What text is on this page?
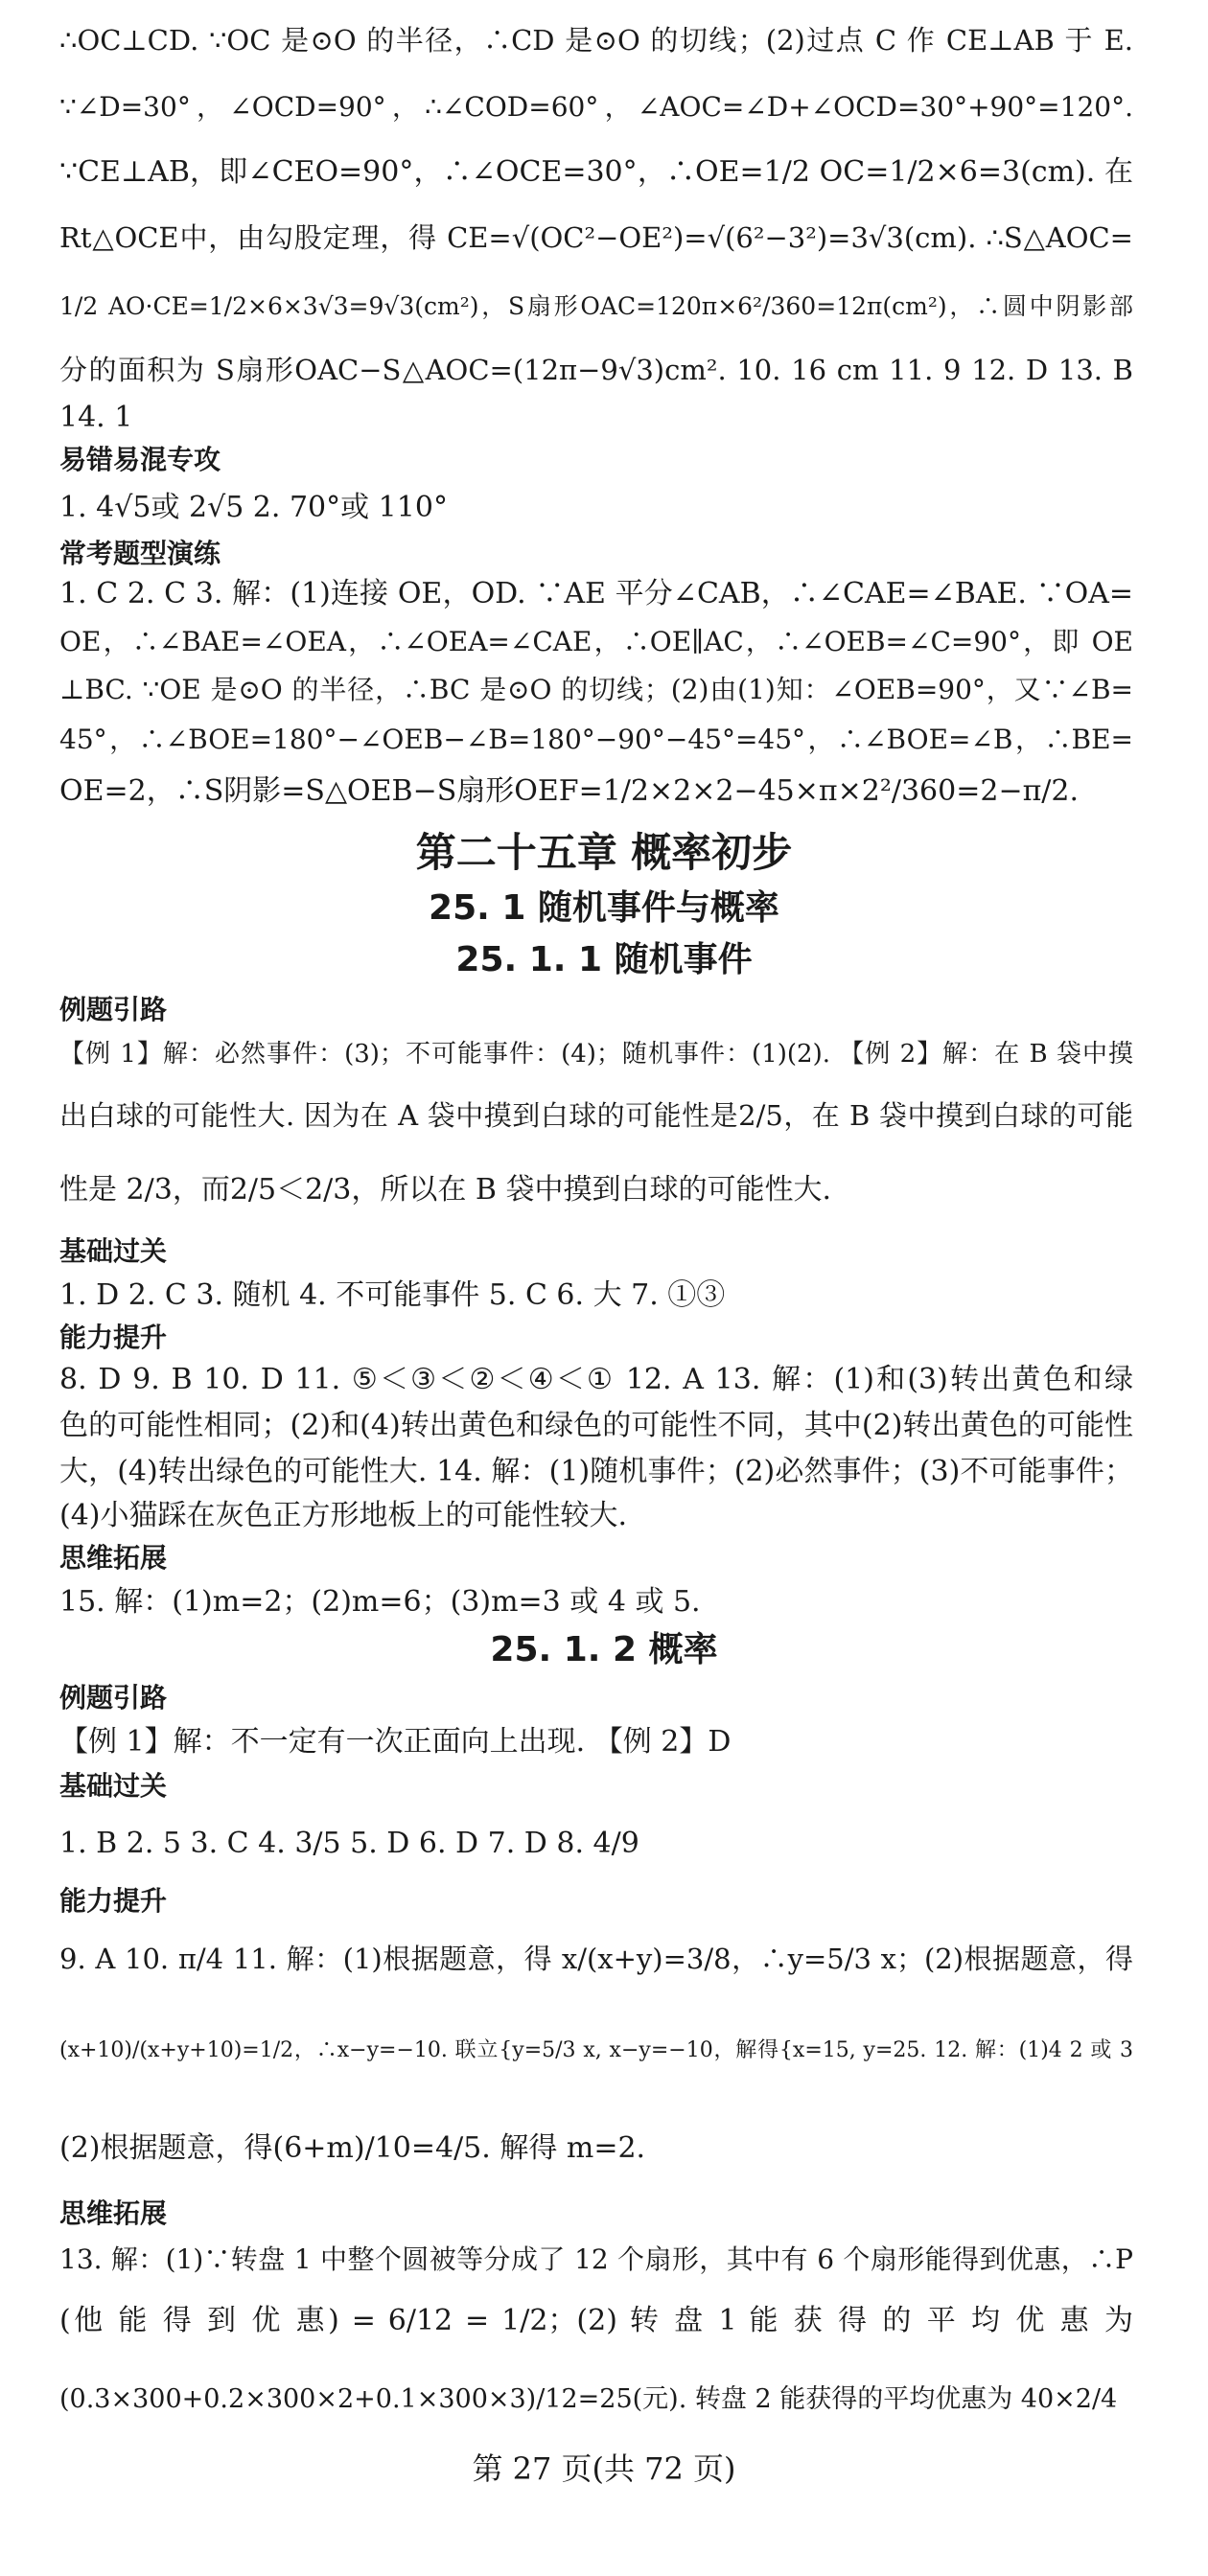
∴OC⊥CD. ∵OC 是⊙O 的半径，∴CD 是⊙O 的切线；(2)过点 C 作 CE⊥AB 于 E.
∵∠D=30°，∠OCD=90°，∴∠COD=60°，∠AOC=∠D+∠OCD=30°+90°=120°.
∵CE⊥AB，即∠CEO=90°，∴∠OCE=30°，∴OE=1/2 OC=1/2×6=3(cm). 在
Rt△OCE中，由勾股定理，得 CE=√(OC²−OE²)=√(6²−3²)=3√3(cm). ∴S△AOC=
1/2 AO·CE=1/2×6×3√3=9√3(cm²)，S扇形OAC=120π×6²/360=12π(cm²)，∴圆中阴影部
分的面积为 S扇形OAC−S△AOC=(12π−9√3)cm². 10. 16 cm 11. 9 12. D 13. B
14. 1
易错易混专攻
1. 4√5或 2√5 2. 70°或 110°
常考题型演练
1. C 2. C 3. 解：(1)连接 OE，OD. ∵AE 平分∠CAB，∴∠CAE=∠BAE. ∵OA=
OE，∴∠BAE=∠OEA，∴∠OEA=∠CAE，∴OE∥AC，∴∠OEB=∠C=90°，即 OE
⊥BC. ∵OE 是⊙O 的半径，∴BC 是⊙O 的切线；(2)由(1)知：∠OEB=90°，又∵∠B=
45°，∴∠BOE=180°−∠OEB−∠B=180°−90°−45°=45°，∴∠BOE=∠B，∴BE=
OE=2，∴S阴影=S△OEB−S扇形OEF=1/2×2×2−45×π×2²/360=2−π/2.
第二十五章 概率初步
25. 1 随机事件与概率
25. 1. 1 随机事件
例题引路
【例 1】解：必然事件：(3)；不可能事件：(4)；随机事件：(1)(2). 【例 2】解：在 B 袋中摸
出白球的可能性大. 因为在 A 袋中摸到白球的可能性是2/5，在 B 袋中摸到白球的可能
性是 2/3，而2/5＜2/3，所以在 B 袋中摸到白球的可能性大.
基础过关
1. D 2. C 3. 随机 4. 不可能事件 5. C 6. 大 7. ①③
能力提升
8. D 9. B 10. D 11. ⑤＜③＜②＜④＜① 12. A 13. 解：(1)和(3)转出黄色和绿
色的可能性相同；(2)和(4)转出黄色和绿色的可能性不同，其中(2)转出黄色的可能性
大，(4)转出绿色的可能性大. 14. 解：(1)随机事件；(2)必然事件；(3)不可能事件；
(4)小猫踩在灰色正方形地板上的可能性较大.
思维拓展
15. 解：(1)m=2；(2)m=6；(3)m=3 或 4 或 5.
25. 1. 2 概率
例题引路
【例 1】解：不一定有一次正面向上出现. 【例 2】D
基础过关
1. B 2. 5 3. C 4. 3/5 5. D 6. D 7. D 8. 4/9
能力提升
9. A 10. π/4 11. 解：(1)根据题意，得 x/(x+y)=3/8，∴y=5/3 x；(2)根据题意，得
(x+10)/(x+y+10)=1/2，∴x−y=−10. 联立{y=5/3 x, x−y=−10，解得{x=15, y=25. 12. 解：(1)4 2 或 3
(2)根据题意，得(6+m)/10=4/5. 解得 m=2.
思维拓展
13. 解：(1)∵转盘 1 中整个圆被等分成了 12 个扇形，其中有 6 个扇形能得到优惠，∴P
(他 能 得 到 优 惠) = 6/12 = 1/2；(2) 转 盘 1 能 获 得 的 平 均 优 惠 为
(0.3×300+0.2×300×2+0.1×300×3)/12=25(元). 转盘 2 能获得的平均优惠为 40×2/4
第 27 页(共 72 页)
